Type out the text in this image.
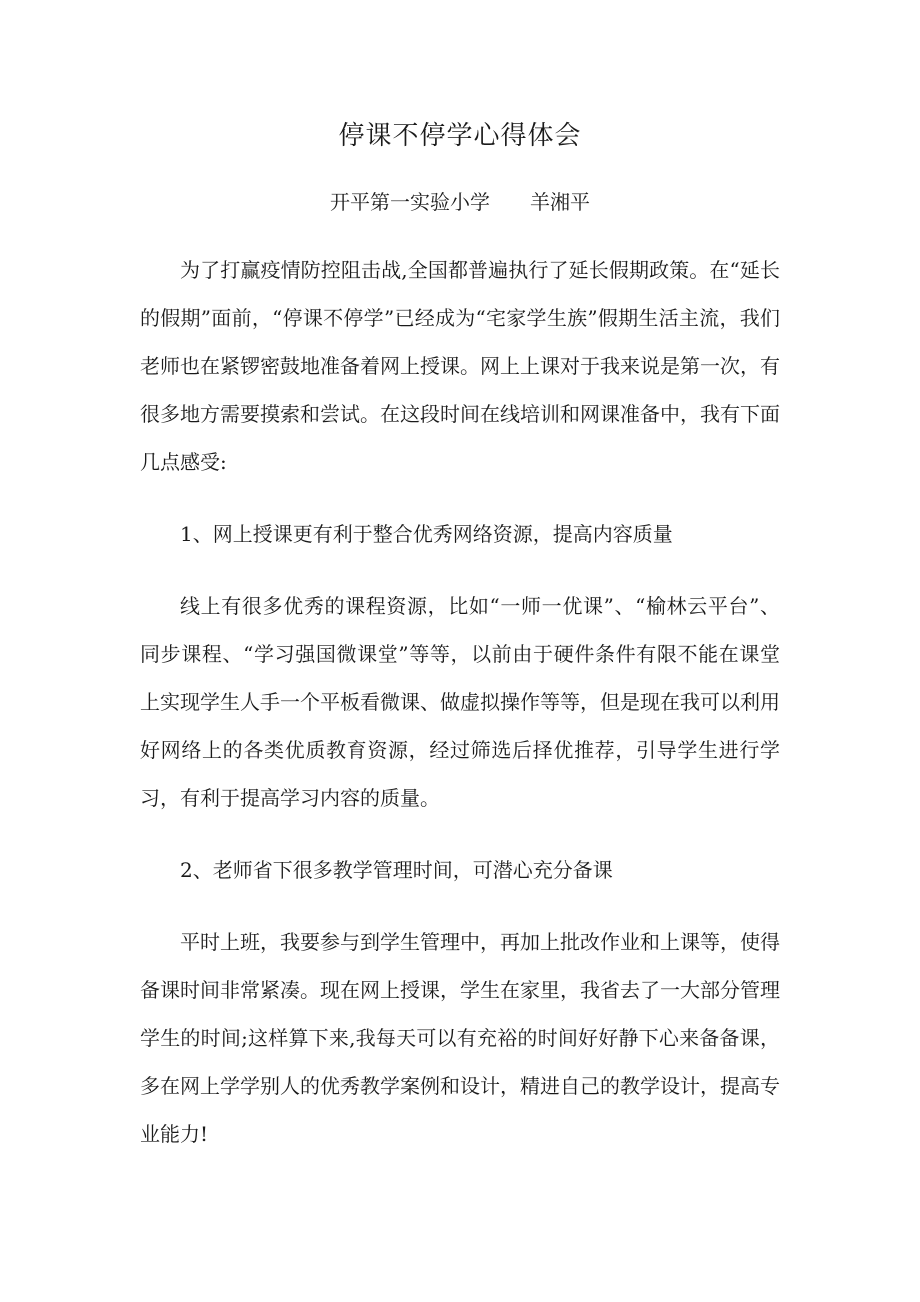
停课不停学心得体会
开平第一实验小学 羊湘平

为了打赢疫情防控阻击战,全国都普遍执行了延长假期政策。在“延长的假期”面前，“停课不停学”已经成为“宅家学生族”假期生活主流，我们老师也在紧锣密鼓地准备着网上授课。网上上课对于我来说是第一次，有很多地方需要摸索和尝试。在这段时间在线培训和网课准备中，我有下面几点感受:

1、网上授课更有利于整合优秀网络资源，提高内容质量

线上有很多优秀的课程资源，比如“一师一优课”、“榆林云平台”、同步课程、“学习强国微课堂”等等，以前由于硬件条件有限不能在课堂上实现学生人手一个平板看微课、做虚拟操作等等，但是现在我可以利用好网络上的各类优质教育资源，经过筛选后择优推荐，引导学生进行学习，有利于提高学习内容的质量。

2、老师省下很多教学管理时间，可潜心充分备课

平时上班，我要参与到学生管理中，再加上批改作业和上课等，使得备课时间非常紧凑。现在网上授课，学生在家里，我省去了一大部分管理学生的时间;这样算下来,我每天可以有充裕的时间好好静下心来备备课，多在网上学学别人的优秀教学案例和设计，精进自己的教学设计，提高专业能力!
